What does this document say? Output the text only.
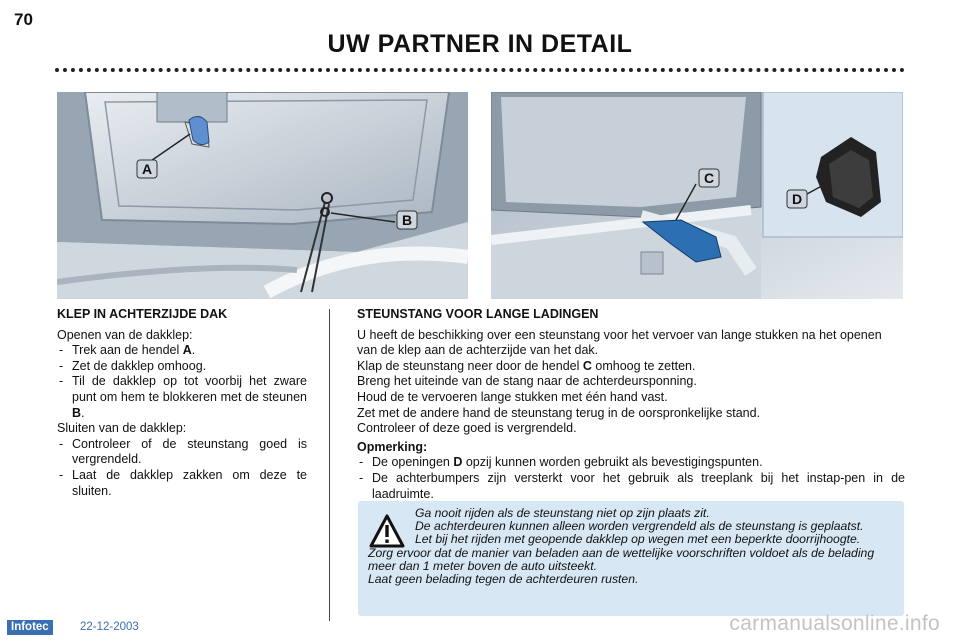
70
UW PARTNER IN DETAIL
A
B
C
D
KLEP IN ACHTERZIJDE DAK

Openen van de dakklep:

- Trek aan de hendel A.
- Zet de dakklep omhoog.
- Til de dakklep op tot voorbij het zware punt om hem te blokkeren met de steunen B.

Sluiten van de dakklep:

- Controleer of de steunstang goed is vergrendeld.
- Laat de dakklep zakken om deze te sluiten.
STEUNSTANG VOOR LANGE LADINGEN

U heeft de beschikking over een steunstang voor het vervoer van lange stukken na het openen van de klep aan de achterzijde van het dak.

Klap de steunstang neer door de hendel C omhoog te zetten.

Breng het uiteinde van de stang naar de achterdeursponning.

Houd de te vervoeren lange stukken met één hand vast.

Zet met de andere hand de steunstang terug in de oorspronkelijke stand.

Controleer of deze goed is vergrendeld.

Opmerking:
- De openingen D opzij kunnen worden gebruikt als bevestigingspunten.
- De achterbumpers zijn versterkt voor het gebruik als treeplank bij het instap-pen in de laadruimte.
Ga nooit rijden als de steunstang niet op zijn plaats zit.
De achterdeuren kunnen alleen worden vergrendeld als de steunstang is geplaatst.
Let bij het rijden met geopende dakklep op wegen met een beperkte doorrijhoogte.
Zorg ervoor dat de manier van beladen aan de wettelijke voorschriften voldoet als de belading meer dan 1 meter boven de auto uitsteekt.
Laat geen belading tegen de achterdeuren rusten.
Infotec	22-12-2003	carmanualsonline.info
